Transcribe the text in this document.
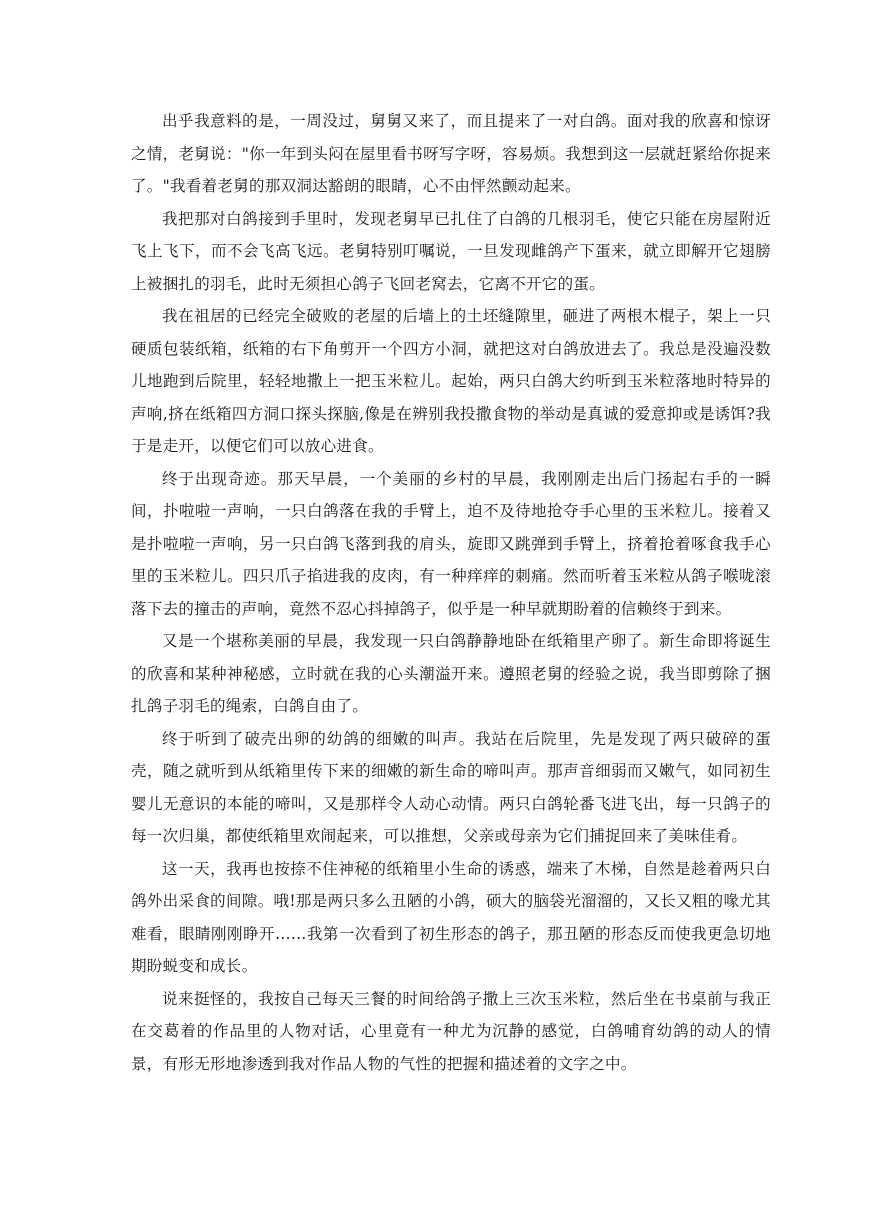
出乎我意料的是，一周没过，舅舅又来了，而且提来了一对白鸽。面对我的欣喜和惊讶之情，老舅说："你一年到头闷在屋里看书呀写字呀，容易烦。我想到这一层就赶紧给你捉来了。"我看着老舅的那双洞达豁朗的眼睛，心不由怦然颤动起来。

我把那对白鸽接到手里时，发现老舅早已扎住了白鸽的几根羽毛，使它只能在房屋附近飞上飞下，而不会飞高飞远。老舅特别叮嘱说，一旦发现雌鸽产下蛋来，就立即解开它翅膀上被捆扎的羽毛，此时无须担心鸽子飞回老窝去，它离不开它的蛋。

我在祖居的已经完全破败的老屋的后墙上的土坯缝隙里，砸进了两根木棍子，架上一只硬质包装纸箱，纸箱的右下角剪开一个四方小洞，就把这对白鸽放进去了。我总是没遍没数儿地跑到后院里，轻轻地撒上一把玉米粒儿。起始，两只白鸽大约听到玉米粒落地时特异的声响,挤在纸箱四方洞口探头探脑,像是在辨别我投撒食物的举动是真诚的爱意抑或是诱饵?我于是走开，以便它们可以放心进食。

终于出现奇迹。那天早晨，一个美丽的乡村的早晨，我刚刚走出后门扬起右手的一瞬间，扑啦啦一声响，一只白鸽落在我的手臂上，迫不及待地抢夺手心里的玉米粒儿。接着又是扑啦啦一声响，另一只白鸽飞落到我的肩头，旋即又跳弹到手臂上，挤着抢着啄食我手心里的玉米粒儿。四只爪子掐进我的皮肉，有一种痒痒的刺痛。然而听着玉米粒从鸽子喉咙滚落下去的撞击的声响，竟然不忍心抖掉鸽子，似乎是一种早就期盼着的信赖终于到来。

又是一个堪称美丽的早晨，我发现一只白鸽静静地卧在纸箱里产卵了。新生命即将诞生的欣喜和某种神秘感，立时就在我的心头潮溢开来。遵照老舅的经验之说，我当即剪除了捆扎鸽子羽毛的绳索，白鸽自由了。

终于听到了破壳出卵的幼鸽的细嫩的叫声。我站在后院里，先是发现了两只破碎的蛋壳，随之就听到从纸箱里传下来的细嫩的新生命的啼叫声。那声音细弱而又嫩气，如同初生婴儿无意识的本能的啼叫，又是那样令人动心动情。两只白鸽轮番飞进飞出，每一只鸽子的每一次归巢，都使纸箱里欢闹起来，可以推想，父亲或母亲为它们捕捉回来了美味佳肴。

这一天，我再也按捺不住神秘的纸箱里小生命的诱惑，端来了木梯，自然是趁着两只白鸽外出采食的间隙。哦!那是两只多么丑陋的小鸽，硕大的脑袋光溜溜的，又长又粗的喙尤其难看，眼睛刚刚睁开……我第一次看到了初生形态的鸽子，那丑陋的形态反而使我更急切地期盼蜕变和成长。

说来挺怪的，我按自己每天三餐的时间给鸽子撒上三次玉米粒，然后坐在书桌前与我正在交葛着的作品里的人物对话，心里竟有一种尤为沉静的感觉，白鸽哺育幼鸽的动人的情景，有形无形地渗透到我对作品人物的气性的把握和描述着的文字之中。
